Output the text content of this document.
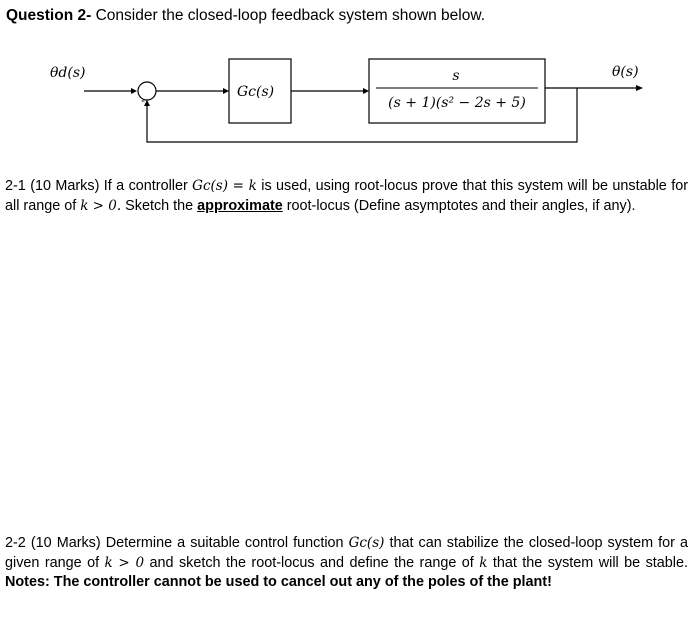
Question 2- Consider the closed-loop feedback system shown below.
θd(s)
-	Gc(s)
s
(s + 1)(s² − 2s + 5)
θ(s)
2-1 (10 Marks) If a controller Gc(s) = k is used, using root-locus prove that this system will be unstable for all range of k > 0. Sketch the approximate root-locus (Define asymptotes and their angles, if any).
2-2 (10 Marks) Determine a suitable control function Gc(s) that can stabilize the closed-loop system for a given range of k > 0 and sketch the root-locus and define the range of k that the system will be stable. Notes: The controller cannot be used to cancel out any of the poles of the plant!
